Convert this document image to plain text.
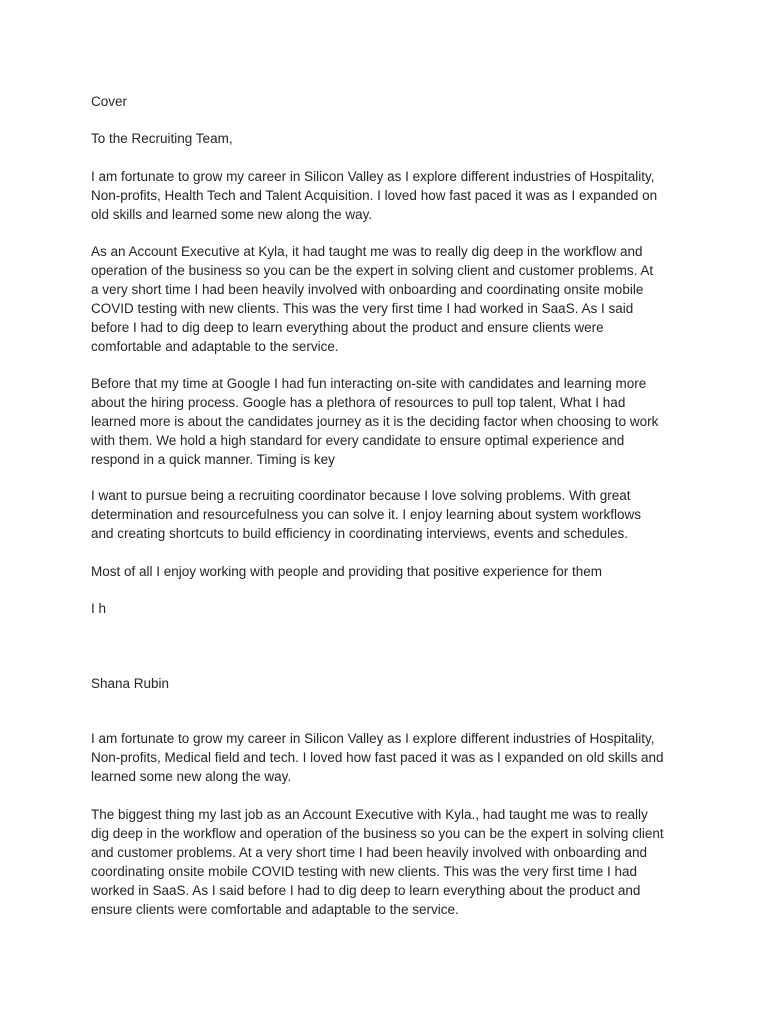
Cover

To the Recruiting Team,

I am fortunate to grow my career in Silicon Valley as I explore different industries of Hospitality,
Non-profits, Health Tech and Talent Acquisition. I loved how fast paced it was as I expanded on
old skills and learned some new along the way.

As an Account Executive at Kyla, it had taught me was to really dig deep in the workflow and
operation of the business so you can be the expert in solving client and customer problems. At
a very short time I had been heavily involved with onboarding and coordinating onsite mobile
COVID testing with new clients. This was the very first time I had worked in SaaS. As I said
before I had to dig deep to learn everything about the product and ensure clients were
comfortable and adaptable to the service.

Before that my time at Google I had fun interacting on-site with candidates and learning more
about the hiring process. Google has a plethora of resources to pull top talent, What I had
learned more is about the candidates journey as it is the deciding factor when choosing to work
with them. We hold a high standard for every candidate to ensure optimal experience and
respond in a quick manner. Timing is key

I want to pursue being a recruiting coordinator because I love solving problems. With great
determination and resourcefulness you can solve it. I enjoy learning about system workflows
and creating shortcuts to build efficiency in coordinating interviews, events and schedules.

Most of all I enjoy working with people and providing that positive experience for them

I h

Shana Rubin

I am fortunate to grow my career in Silicon Valley as I explore different industries of Hospitality,
Non-profits, Medical field and tech. I loved how fast paced it was as I expanded on old skills and
learned some new along the way.

The biggest thing my last job as an Account Executive with Kyla., had taught me was to really
dig deep in the workflow and operation of the business so you can be the expert in solving client
and customer problems. At a very short time I had been heavily involved with onboarding and
coordinating onsite mobile COVID testing with new clients. This was the very first time I had
worked in SaaS. As I said before I had to dig deep to learn everything about the product and
ensure clients were comfortable and adaptable to the service.
